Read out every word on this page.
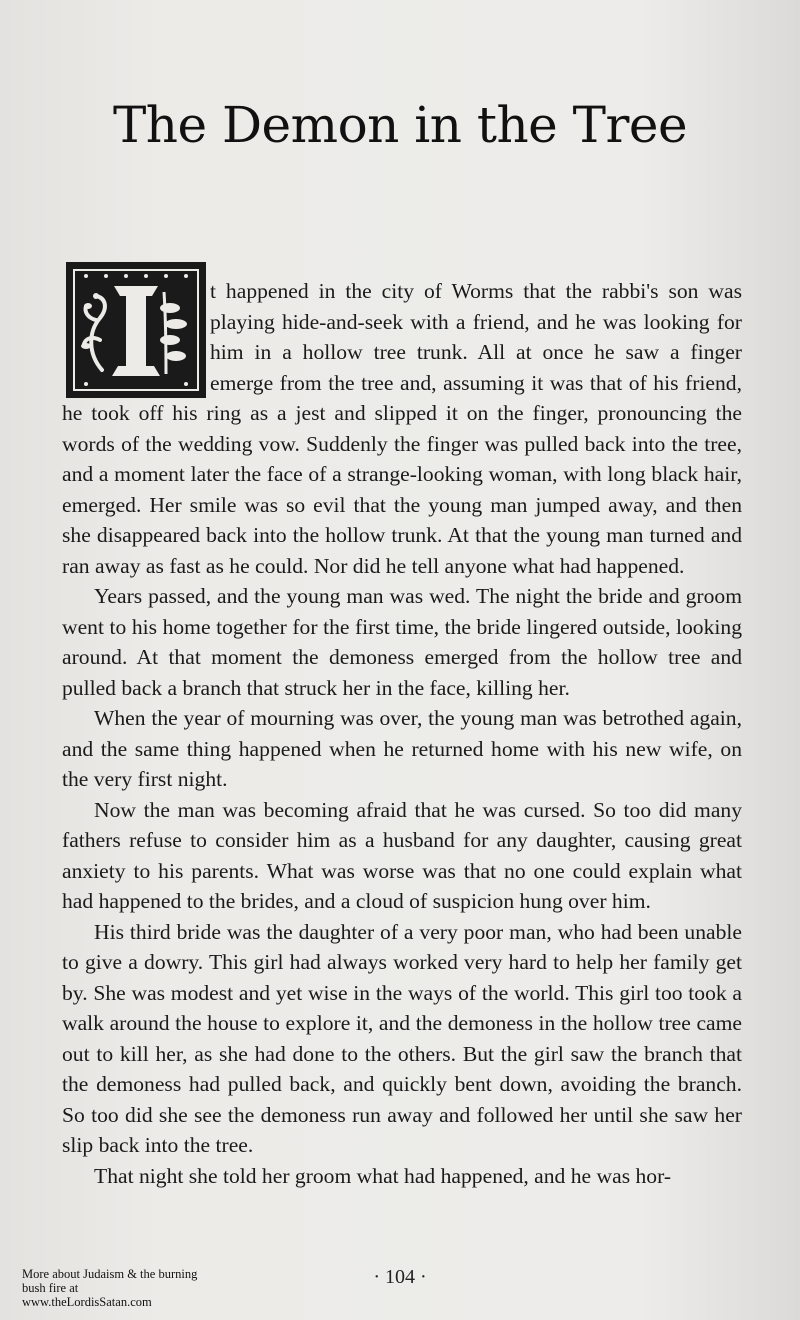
The Demon in the Tree

t happened in the city of Worms that the rabbi's son was playing hide-and-seek with a friend, and he was looking for him in a hollow tree trunk. All at once he saw a finger emerge from the tree and, assuming it was that of his friend, he took off his ring as a jest and slipped it on the finger, pronouncing the words of the wedding vow. Suddenly the finger was pulled back into the tree, and a moment later the face of a strange-looking woman, with long black hair, emerged. Her smile was so evil that the young man jumped away, and then she disappeared back into the hollow trunk. At that the young man turned and ran away as fast as he could. Nor did he tell anyone what had happened.

Years passed, and the young man was wed. The night the bride and groom went to his home together for the first time, the bride lingered outside, looking around. At that moment the demoness emerged from the hollow tree and pulled back a branch that struck her in the face, killing her.

When the year of mourning was over, the young man was betrothed again, and the same thing happened when he returned home with his new wife, on the very first night.

Now the man was becoming afraid that he was cursed. So too did many fathers refuse to consider him as a husband for any daughter, causing great anxiety to his parents. What was worse was that no one could explain what had happened to the brides, and a cloud of suspicion hung over him.

His third bride was the daughter of a very poor man, who had been unable to give a dowry. This girl had always worked very hard to help her family get by. She was modest and yet wise in the ways of the world. This girl too took a walk around the house to explore it, and the demoness in the hollow tree came out to kill her, as she had done to the others. But the girl saw the branch that the demoness had pulled back, and quickly bent down, avoiding the branch. So too did she see the demoness run away and followed her until she saw her slip back into the tree.

That night she told her groom what had happened, and he was hor-

· 104 ·
More about Judaism & the burning bush fire at www.theLordisSatan.com
